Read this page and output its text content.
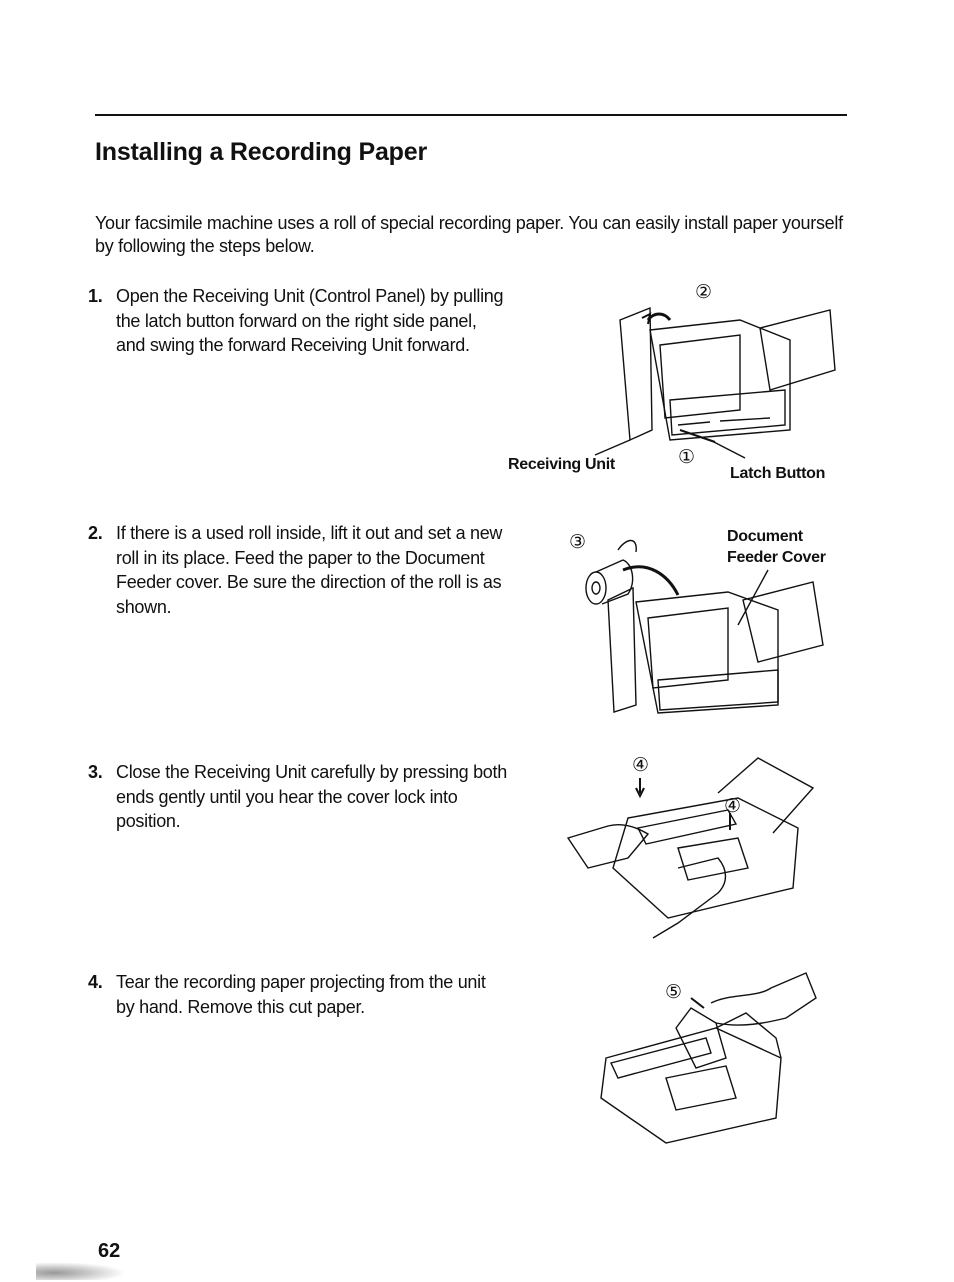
Installing a Recording Paper

Your facsimile machine uses a roll of special recording paper. You can easily install paper yourself by following the steps below.

1. Open the Receiving Unit (Control Panel) by pulling the latch button forward on the right side panel, and swing the forward Receiving Unit forward.
②
①
Receiving Unit
Latch Button
2. If there is a used roll inside, lift it out and set a new roll in its place. Feed the paper to the Document Feeder cover. Be sure the direction of the roll is as shown.
③	Document
Feeder Cover
3. Close the Receiving Unit carefully by pressing both ends gently until you hear the cover lock into position.
④
④
4. Tear the recording paper projecting from the unit by hand. Remove this cut paper.
⑤
62
